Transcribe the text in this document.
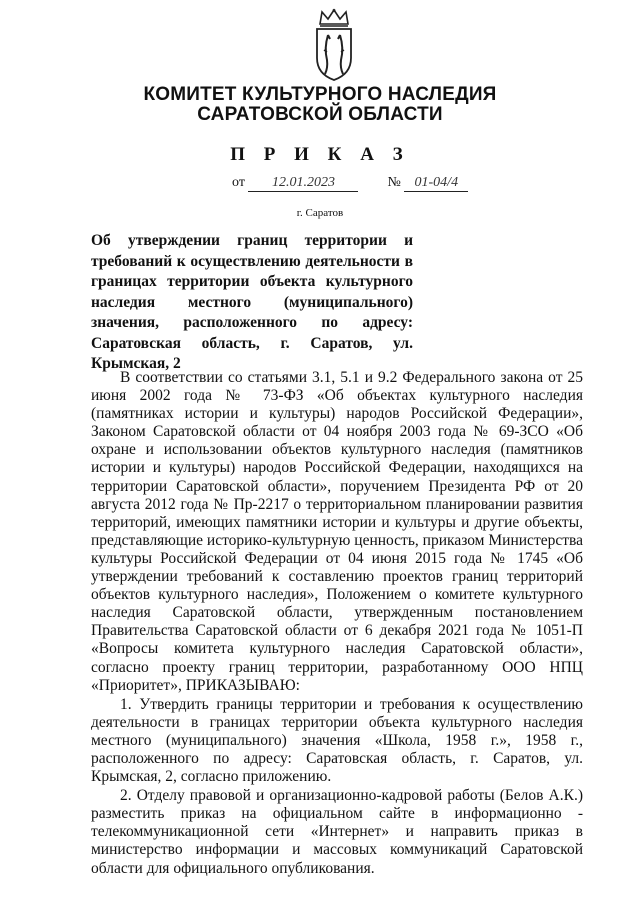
КОМИТЕТ КУЛЬТУРНОГО НАСЛЕДИЯ
САРАТОВСКОЙ ОБЛАСТИ
П Р И К А З
от 12.01.2023	№ 01-04/4
г. Саратов
Об утверждении границ территории и требований к осуществлению деятельности в границах территории объекта культурного наследия местного (муниципального) значения, расположенного по адресу: Саратовская область, г. Саратов, ул. Крымская, 2

В соответствии со статьями 3.1, 5.1 и 9.2 Федерального закона от 25 июня 2002 года № 73-ФЗ «Об объектах культурного наследия (памятниках истории и культуры) народов Российской Федерации», Законом Саратовской области от 04 ноября 2003 года № 69-ЗСО «Об охране и использовании объектов культурного наследия (памятников истории и культуры) народов Российской Федерации, находящихся на территории Саратовской области», поручением Президента РФ от 20 августа 2012 года № Пр-2217 о территориальном планировании развития территорий, имеющих памятники истории и культуры и другие объекты, представляющие историко-культурную ценность, приказом Министерства культуры Российской Федерации от 04 июня 2015 года № 1745 «Об утверждении требований к составлению проектов границ территорий объектов культурного наследия», Положением о комитете культурного наследия Саратовской области, утвержденным постановлением Правительства Саратовской области от 6 декабря 2021 года № 1051-П «Вопросы комитета культурного наследия Саратовской области», согласно проекту границ территории, разработанному ООО НПЦ «Приоритет», ПРИКАЗЫВАЮ:

1. Утвердить границы территории и требования к осуществлению деятельности в границах территории объекта культурного наследия местного (муниципального) значения «Школа, 1958 г.», 1958 г., расположенного по адресу: Саратовская область, г. Саратов, ул. Крымская, 2, согласно приложению.

2. Отделу правовой и организационно-кадровой работы (Белов А.К.) разместить приказ на официальном сайте в информационно - телекоммуникационной сети «Интернет» и направить приказ в министерство информации и массовых коммуникаций Саратовской области для официального опубликования.
